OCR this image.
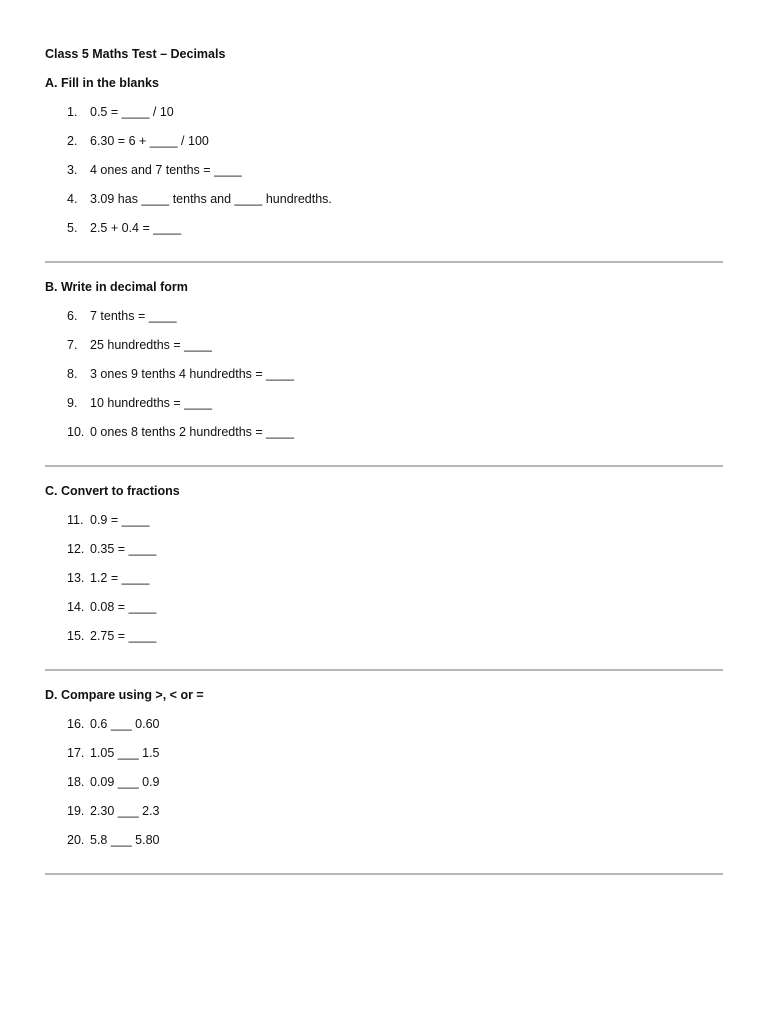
Class 5 Maths Test – Decimals
A. Fill in the blanks
1.	0.5 = ____ / 10
2.	6.30 = 6 + ____ / 100
3.	4 ones and 7 tenths = ____
4.	3.09 has ____ tenths and ____ hundredths.
5.	2.5 + 0.4 = ____
B. Write in decimal form
6.	7 tenths = ____
7.	25 hundredths = ____
8.	3 ones 9 tenths 4 hundredths = ____
9.	10 hundredths = ____
10. 0 ones 8 tenths 2 hundredths = ____
C. Convert to fractions
11. 0.9 = ____
12. 0.35 = ____
13. 1.2 = ____
14. 0.08 = ____
15. 2.75 = ____
D. Compare using >, < or =
16. 0.6 ___ 0.60
17. 1.05 ___ 1.5
18. 0.09 ___ 0.9
19. 2.30 ___ 2.3
20. 5.8 ___ 5.80
